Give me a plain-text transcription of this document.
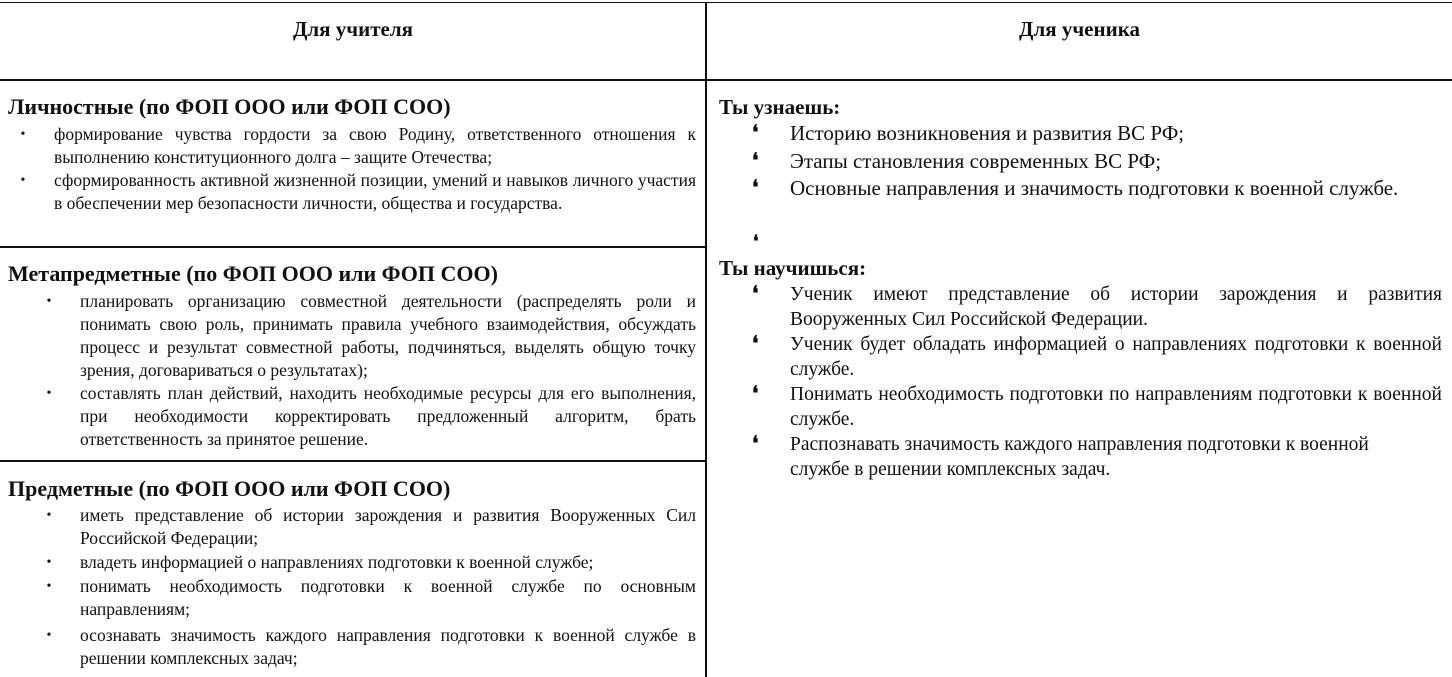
Для учителя
Личностные (по ФОП ООО или ФОП СОО)
• формирование чувства гордости за свою Родину, ответственного отношения к выполнению конституционного долга – защите Отечества;
• сформированность активной жизненной позиции, умений и навыков личного участия в обеспечении мер безопасности личности, общества и государства.
Метапредметные (по ФОП ООО или ФОП СОО)
• планировать организацию совместной деятельности (распределять роли и понимать свою роль, принимать правила учебного взаимодействия, обсуждать процесс и результат совместной работы, подчиняться, выделять общую точку зрения, договариваться о результатах);
• составлять план действий, находить необходимые ресурсы для его выполнения, при необходимости корректировать предложенный алгоритм, брать ответственность за принятое решение.
Предметные (по ФОП ООО или ФОП СОО)
• иметь представление об истории зарождения и развития Вооруженных Сил Российской Федерации;
• владеть информацией о направлениях подготовки к военной службе;
• понимать необходимость подготовки к военной службе по основным направлениям;
• осознавать значимость каждого направления подготовки к военной службе в решении комплексных задач;
Для ученика
Ты узнаешь:
❛ Историю возникновения и развития ВС РФ;
❛ Этапы становления современных ВС РФ;
❛ Основные направления и значимость подготовки к военной службе.
❛
Ты научишься:
❛ Ученик имеют представление об истории зарождения и развития Вооруженных Сил Российской Федерации.
❛ Ученик будет обладать информацией о направлениях подготовки к военной службе.
❛ Понимать необходимость подготовки по направлениям подготовки к военной службе.
❛ Распознавать значимость каждого направления подготовки к военной службе в решении комплексных задач.
